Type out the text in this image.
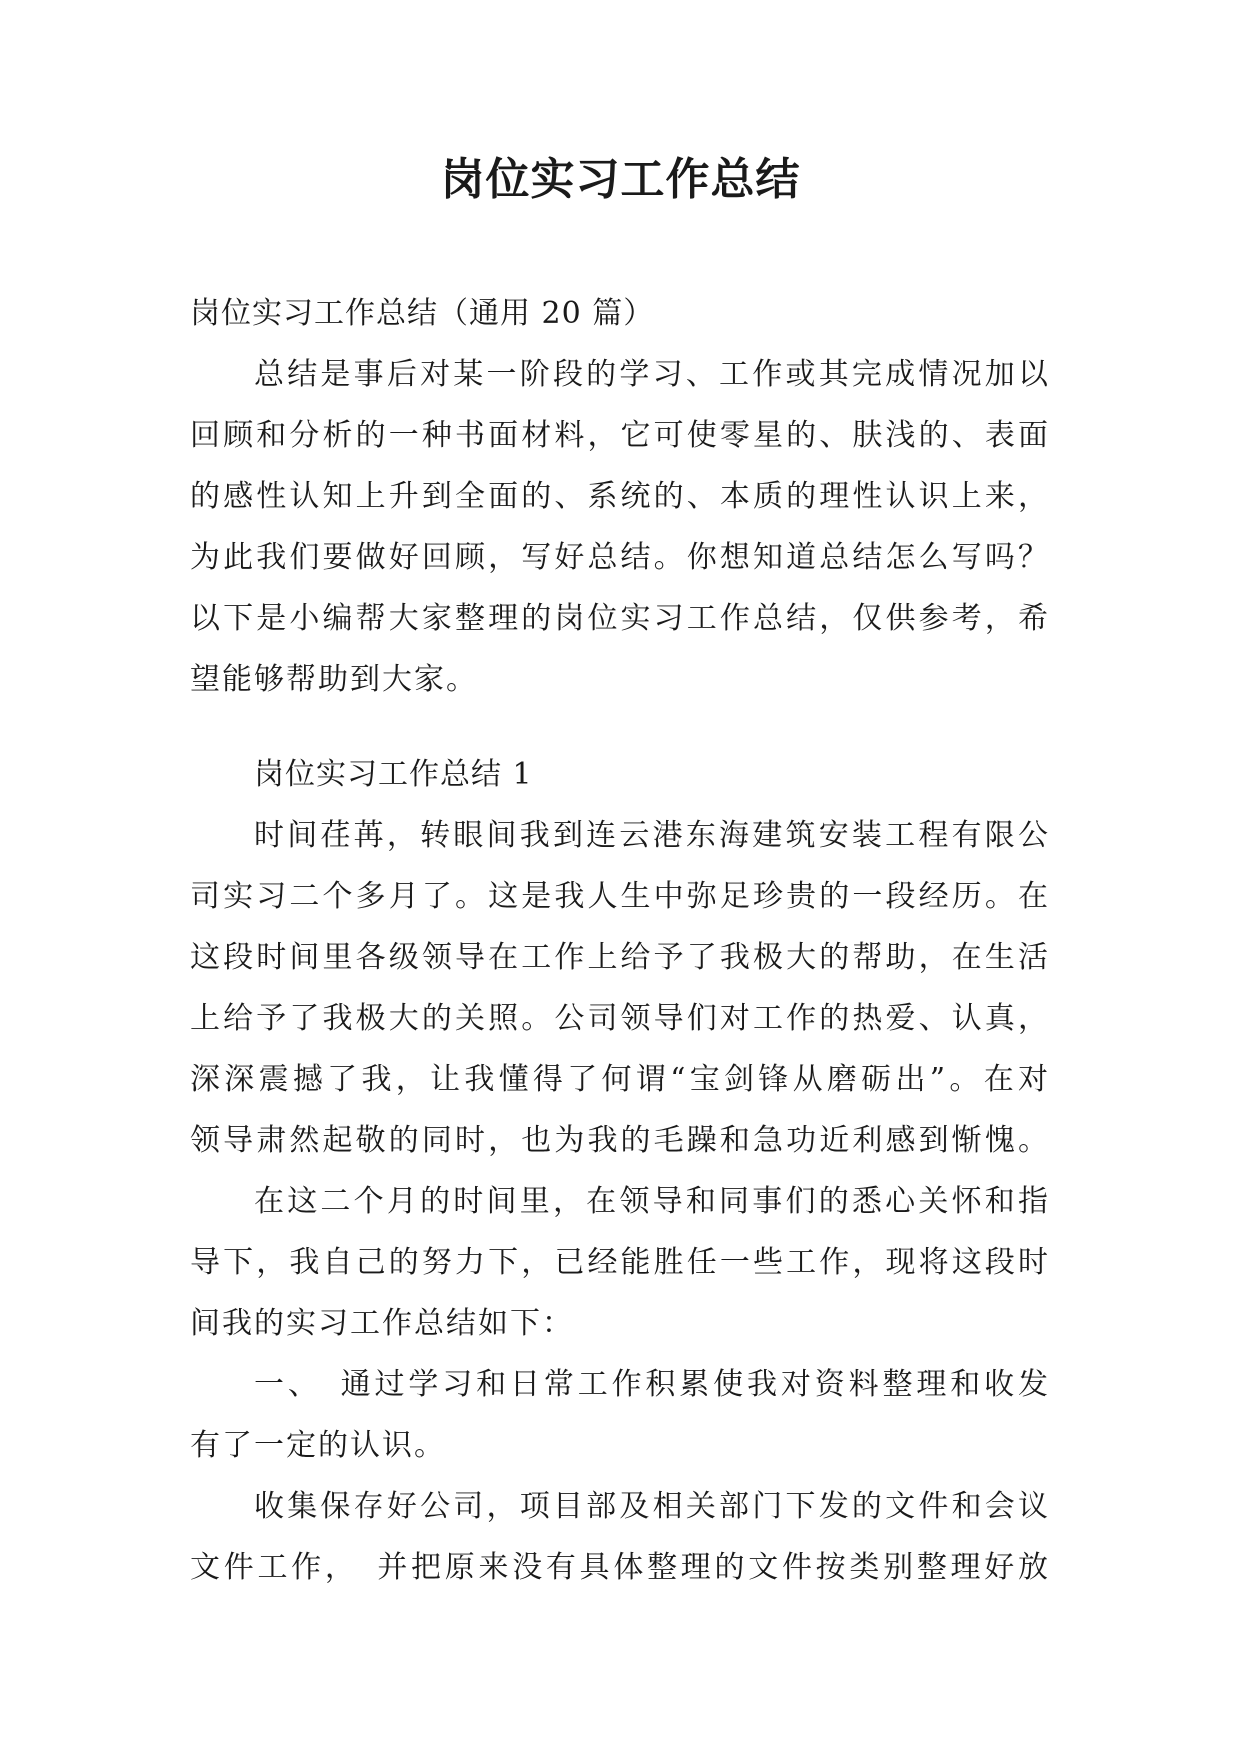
岗位实习工作总结
岗位实习工作总结（通用 20 篇）
总结是事后对某一阶段的学习、工作或其完成情况加以
回顾和分析的一种书面材料，它可使零星的、肤浅的、表面
的感性认知上升到全面的、系统的、本质的理性认识上来，
为此我们要做好回顾，写好总结。你想知道总结怎么写吗？
以下是小编帮大家整理的岗位实习工作总结，仅供参考，希
望能够帮助到大家。
岗位实习工作总结 1
时间荏苒，转眼间我到连云港东海建筑安装工程有限公
司实习二个多月了。这是我人生中弥足珍贵的一段经历。在
这段时间里各级领导在工作上给予了我极大的帮助，在生活
上给予了我极大的关照。公司领导们对工作的热爱、认真，
深深震撼了我，让我懂得了何谓“宝剑锋从磨砺出”。在对
领导肃然起敬的同时，也为我的毛躁和急功近利感到惭愧。
在这二个月的时间里，在领导和同事们的悉心关怀和指
导下，我自己的努力下，已经能胜任一些工作，现将这段时
间我的实习工作总结如下：
一、　通过学习和日常工作积累使我对资料整理和收发
有了一定的认识。
收集保存好公司，项目部及相关部门下发的文件和会议
文件工作，　并把原来没有具体整理的文件按类别整理好放
